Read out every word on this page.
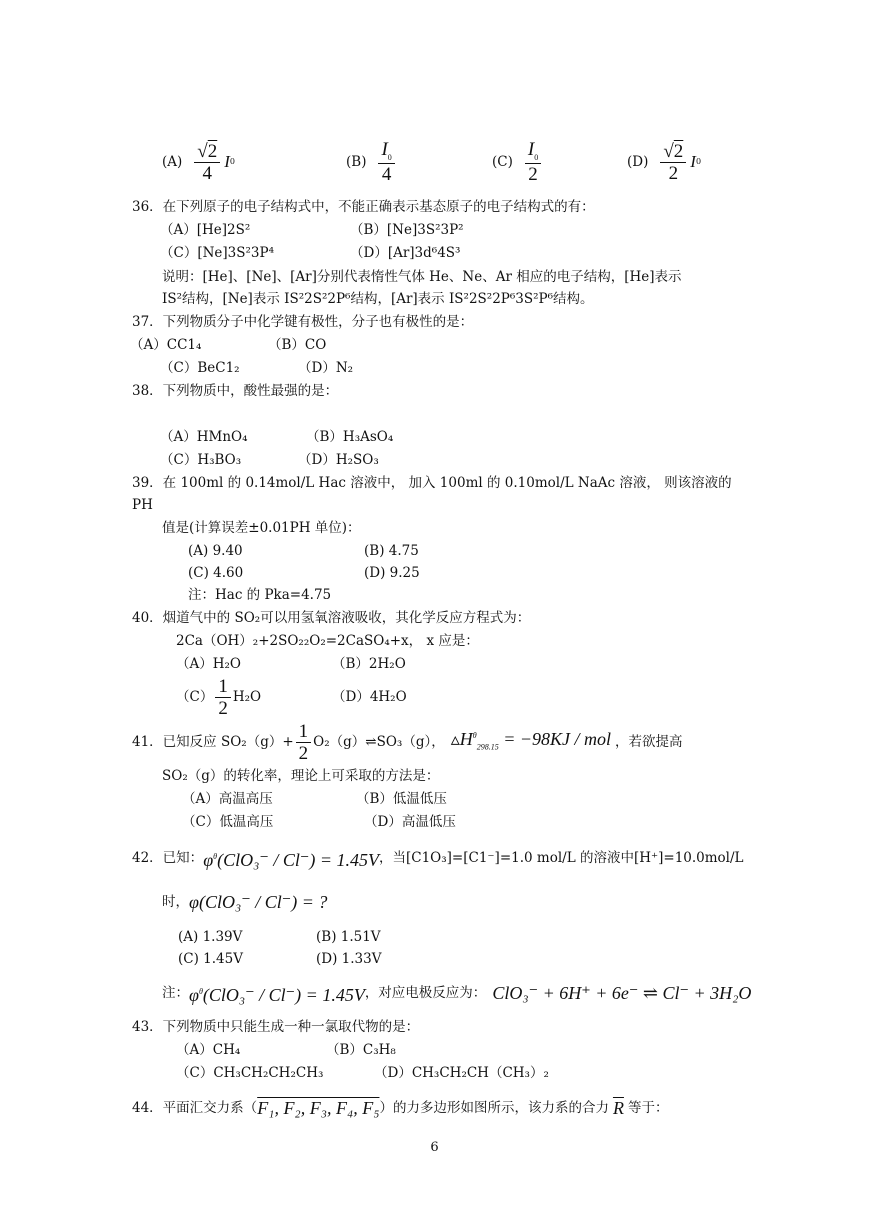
$(A) \frac{√2}{4}$ I 0	$(B) \frac{I_0}{4}$	$(C) \frac{I_0}{2}$	$(D) \frac{√2}{2}$ I 0
36．在下列原子的电子结构式中，不能正确表示基态原子的电子结构式的有：
（A）[He]2S²	（B）[Ne]3S²3P²
（C）[Ne]3S²3P⁴	（D）[Ar]3d⁶4S³
说明：[He]、[Ne]、[Ar]分别代表惰性气体 He、Ne、Ar 相应的电子结构，[He]表示
IS²结构，[Ne]表示 IS²2S²2P⁶结构，[Ar]表示 IS²2S²2P⁶3S²P⁶结构。
37．下列物质分子中化学键有极性，分子也有极性的是：
（A）CC1₄	（B）CO
（C）BeC1₂	（D）N₂
38．下列物质中，酸性最强的是：
（A）HMnO₄	（B）H₃AsO₄
（C）H₃BO₃	（D）H₂SO₃
39．在 100ml 的 0.14mol/L Hac 溶液中， 加入 100ml 的 0.10mol/L NaAc 溶液， 则该溶液的
PH
值是(计算误差±0.01PH 单位)：
(A) 9.40	(B) 4.75
(C) 4.60	(D) 9.25
注：Hac 的 Pka=4.75
40．烟道气中的 SO₂可以用氢氧溶液吸收，其化学反应方程式为：
2Ca（OH）₂+2SO₂₂O₂=2CaSO₄+x， x 应是：
（A）H₂O	（B）2H₂O
$(C) \frac{1}{2} H_2O$	（D）4H₂O
41．已知反应 $SO_2(g)+ \frac{1}{2}$ O₂（g）⇌SO₃（g）， $▵H^\theta_{298.15} = -98KJ$ / mol ，若欲提高
SO₂（g）的转化率，理论上可采取的方法是：
（A）高温高压	（B）低温低压
（C）低温高压	（D）高温低压
42．已知： $\varphi^\theta(ClO_3^- / Cl^-) = 1.45V$ ，当[C1O₃]=[C1⁻]=1.0 mol/L 的溶液中[H⁺]=10.0mol/L
时， φ(ClO₃⁻ / Cl⁻) = ?
(A) 1.39V	(B) 1.51V
(C) 1.45V	(D) 1.33V
注： $\varphi^\theta(ClO_3^- / Cl^-) = 1.45V$ ，对应电极反应为： ClO₃⁻ + 6H⁺ + 6e⁻ ⇌ Cl⁻ + 3H₂O
43．下列物质中只能生成一种一氯取代物的是：
（A）CH₄	（B）C₃H₈
（C）CH₃CH₂CH₂CH₃	（D）CH₃CH₂CH（CH₃）₂
44．平面汇交力系（ F₁, F₂, F₃, F₄, F₅ ）的力多边形如图所示，该力系的合力 $\overline{R}$ 等于：
6
